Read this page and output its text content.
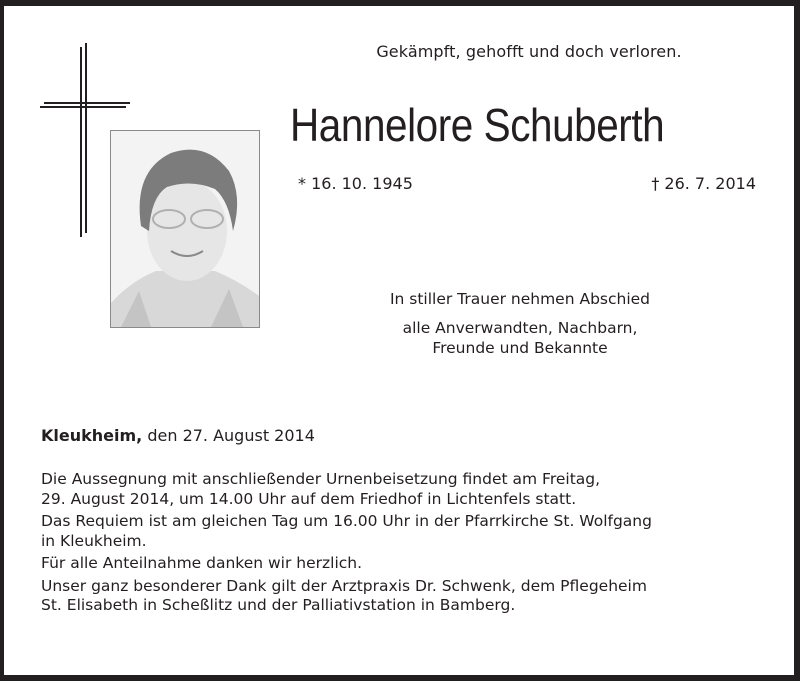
Gekämpft, gehofft und doch verloren.
Hannelore Schuberth
* 16. 10. 1945	† 26. 7. 2014
In stiller Trauer nehmen Abschied
alle Anverwandten, Nachbarn,
Freunde und Bekannte
Kleukheim, den 27. August 2014

Die Aussegnung mit anschließender Urnenbeisetzung findet am Freitag,
29. August 2014, um 14.00 Uhr auf dem Friedhof in Lichtenfels statt.

Das Requiem ist am gleichen Tag um 16.00 Uhr in der Pfarrkirche St. Wolfgang
in Kleukheim.

Für alle Anteilnahme danken wir herzlich.

Unser ganz besonderer Dank gilt der Arztpraxis Dr. Schwenk, dem Pflegeheim
St. Elisabeth in Scheßlitz und der Palliativstation in Bamberg.
